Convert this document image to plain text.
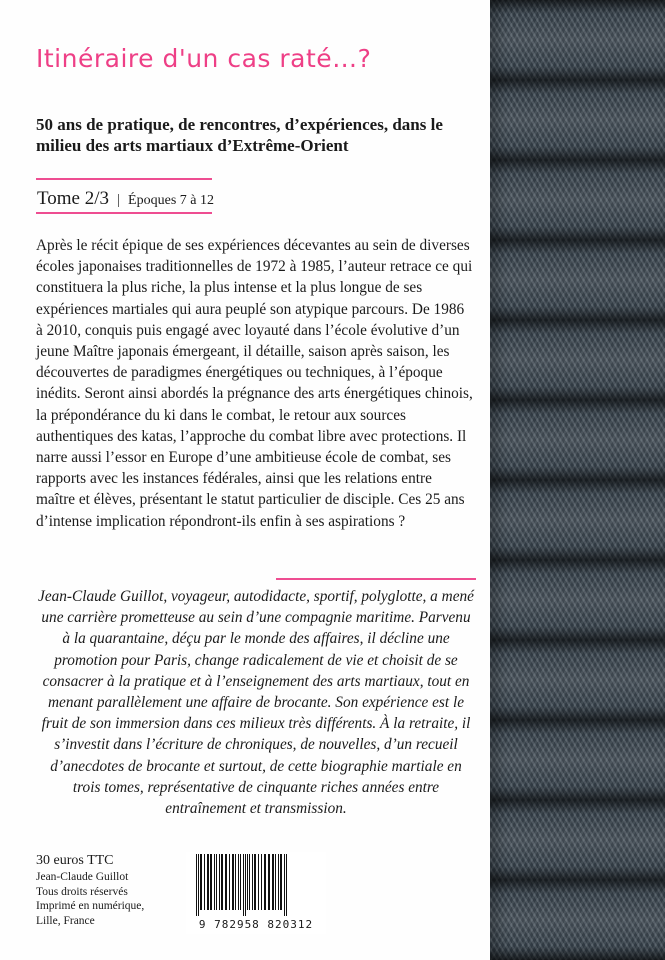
Itinéraire d'un cas raté…?

50 ans de pratique, de rencontres, d’expériences, dans le milieu des arts martiaux d’Extrême-Orient

Tome 2/3 | Époques 7 à 12

Après le récit épique de ses expériences décevantes au sein de diverses écoles japonaises traditionnelles de 1972 à 1985, l’auteur retrace ce qui constituera la plus riche, la plus intense et la plus longue de ses expériences martiales qui aura peuplé son atypique parcours. De 1986 à 2010, conquis puis engagé avec loyauté dans l’école évolutive d’un jeune Maître japonais émergeant, il détaille, saison après saison, les découvertes de paradigmes énergétiques ou techniques, à l’époque inédits. Seront ainsi abordés la prégnance des arts énergétiques chinois, la prépondérance du ki dans le combat, le retour aux sources authentiques des katas, l’approche du combat libre avec protections. Il narre aussi l’essor en Europe d’une ambitieuse école de combat, ses rapports avec les instances fédérales, ainsi que les relations entre maître et élèves, présentant le statut particulier de disciple. Ces 25 ans d’intense implication répondront-ils enfin à ses aspirations ?

Jean-Claude Guillot, voyageur, autodidacte, sportif, polyglotte, a mené une carrière prometteuse au sein d’une compagnie maritime. Parvenu à la quarantaine, déçu par le monde des affaires, il décline une promotion pour Paris, change radicalement de vie et choisit de se consacrer à la pratique et à l’enseignement des arts martiaux, tout en menant parallèlement une affaire de brocante. Son expérience est le fruit de son immersion dans ces milieux très différents. À la retraite, il s’investit dans l’écriture de chroniques, de nouvelles, d’un recueil d’anecdotes de brocante et surtout, de cette biographie martiale en trois tomes, représentative de cinquante riches années entre entraînement et transmission.

30 euros TTC

Jean-Claude Guillot
Tous droits réservés
Imprimé en numérique,
Lille, France	9 782958 820312
